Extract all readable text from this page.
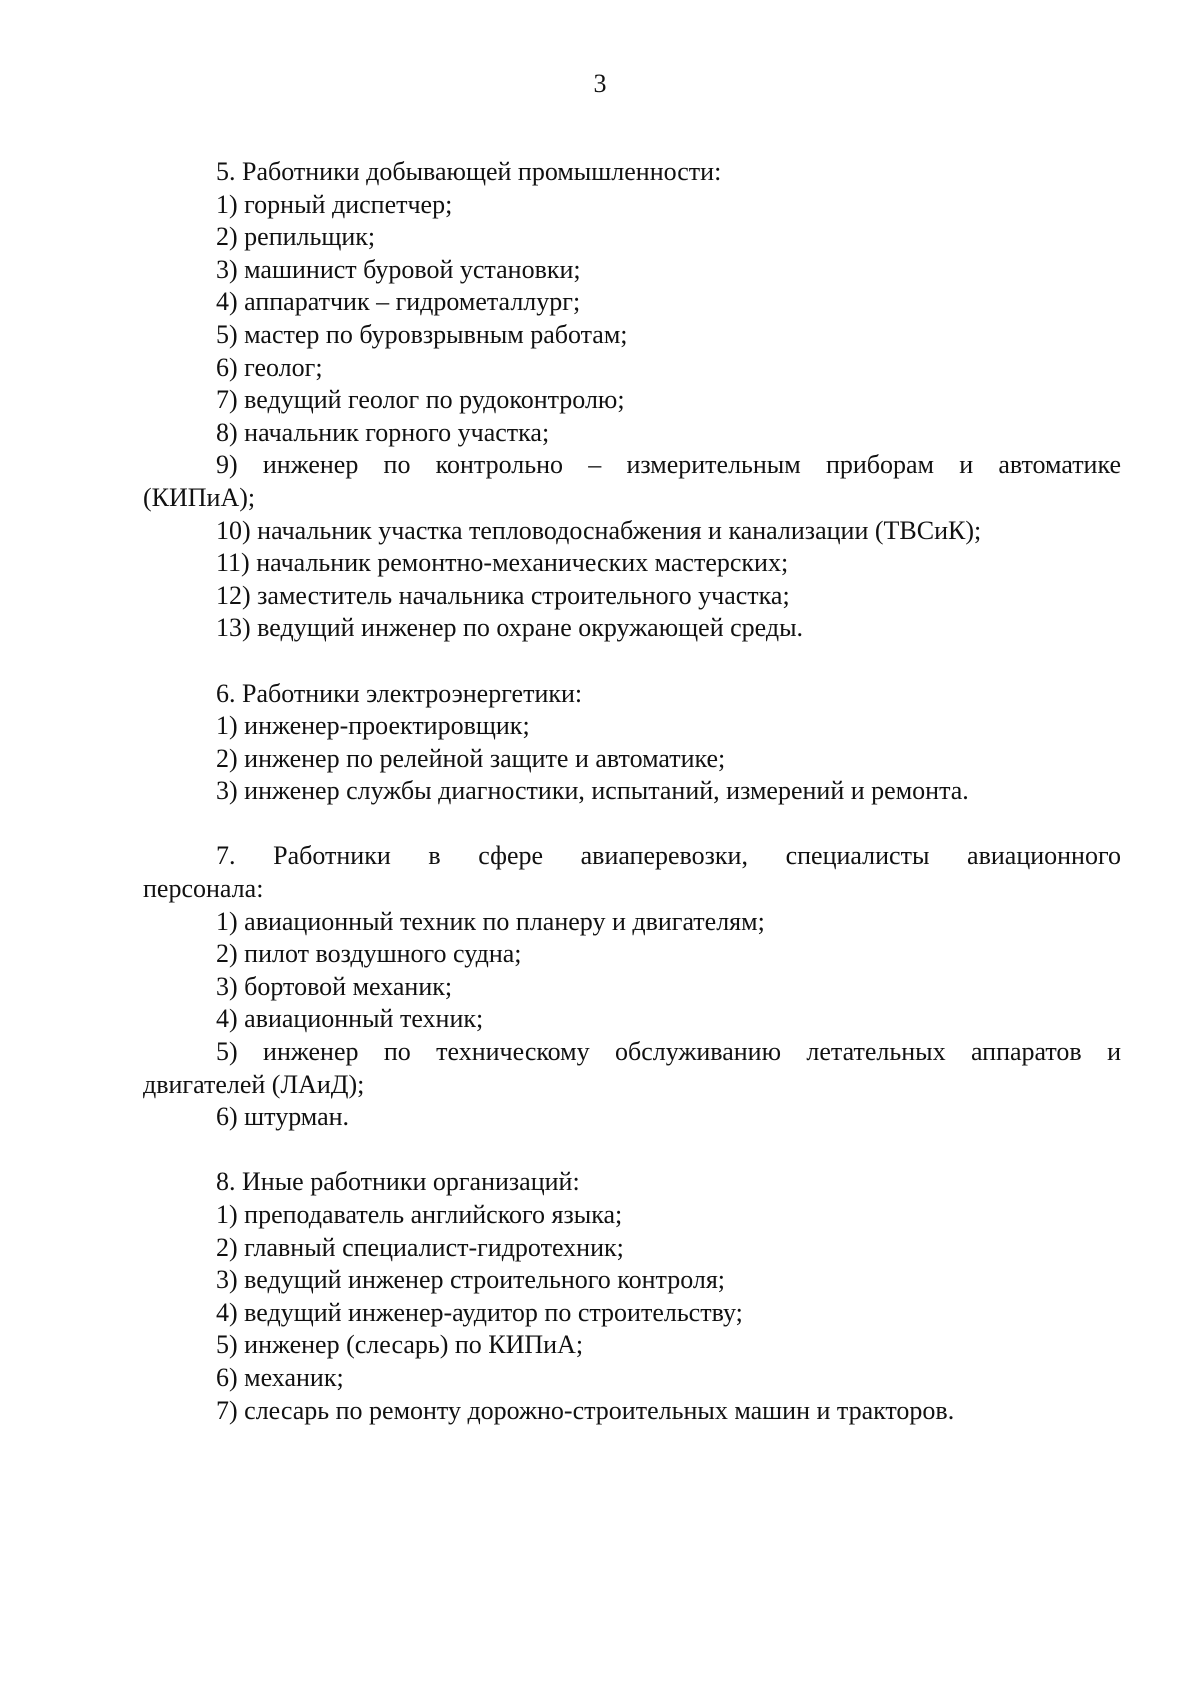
3

5. Работники добывающей промышленности:

1) горный диспетчер;

2) репильщик;

3) машинист буровой установки;

4) аппаратчик – гидрометаллург;

5) мастер по буровзрывным работам;

6) геолог;

7) ведущий геолог по рудоконтролю;

8) начальник горного участка;

9) инженер по контрольно – измерительным приборам и автоматике

(КИПиА);

10) начальник участка тепловодоснабжения и канализации (ТВСиК);

11) начальник ремонтно-механических мастерских;

12) заместитель начальника строительного участка;

13) ведущий инженер по охране окружающей среды.

6. Работники электроэнергетики:

1) инженер-проектировщик;

2) инженер по релейной защите и автоматике;

3) инженер службы диагностики, испытаний, измерений и ремонта.

7. Работники в сфере авиаперевозки, специалисты авиационного

персонала:

1) авиационный техник по планеру и двигателям;

2) пилот воздушного судна;

3) бортовой механик;

4) авиационный техник;

5) инженер по техническому обслуживанию летательных аппаратов и

двигателей (ЛАиД);

6) штурман.

8. Иные работники организаций:

1) преподаватель английского языка;

2) главный специалист-гидротехник;

3) ведущий инженер строительного контроля;

4) ведущий инженер-аудитор по строительству;

5) инженер (слесарь) по КИПиА;

6) механик;

7) слесарь по ремонту дорожно-строительных машин и тракторов.
